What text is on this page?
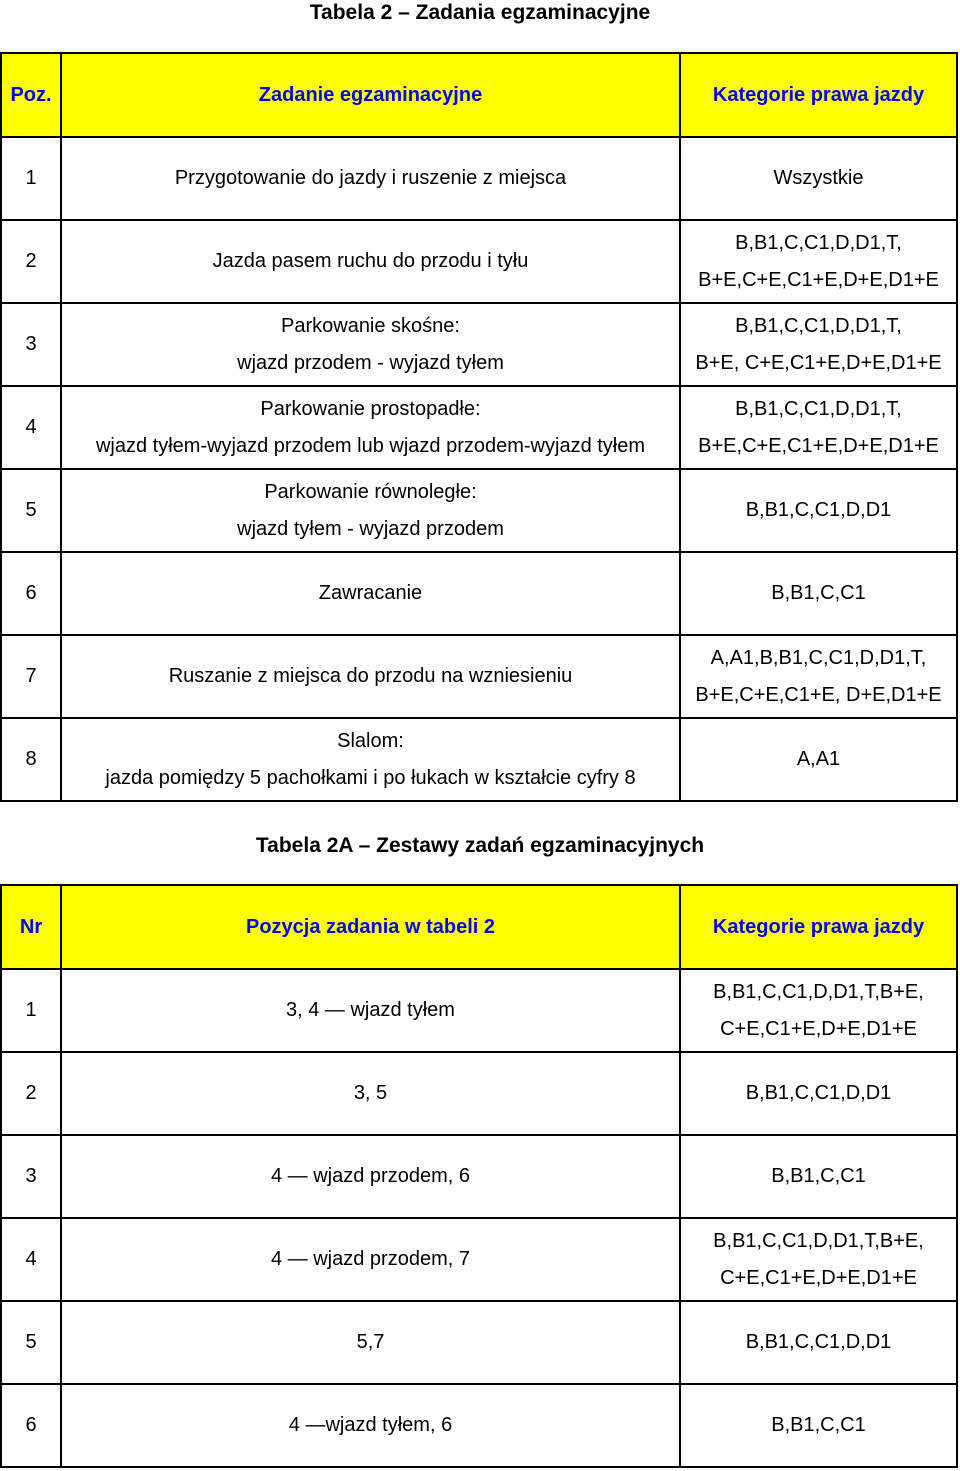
Tabela 2 – Zadania egzaminacyjne
Poz.	Zadanie egzaminacyjne	Kategorie prawa jazdy
1	Przygotowanie do jazdy i ruszenie z miejsca	Wszystkie

2	Jazda pasem ruchu do przodu i tyłu	B,B1,C,C1,D,D1,T,
B+E,C+E,C1+E,D+E,D1+E

3	Parkowanie skośne:
wjazd przodem - wyjazd tyłem	B,B1,C,C1,D,D1,T,
B+E, C+E,C1+E,D+E,D1+E

4	Parkowanie prostopadłe:
wjazd tyłem-wyjazd przodem lub wjazd przodem-wyjazd tyłem	B,B1,C,C1,D,D1,T,
B+E,C+E,C1+E,D+E,D1+E

5	Parkowanie równoległe:
wjazd tyłem - wyjazd przodem	B,B1,C,C1,D,D1

6	Zawracanie	B,B1,C,C1

7	Ruszanie z miejsca do przodu na wzniesieniu	A,A1,B,B1,C,C1,D,D1,T,
B+E,C+E,C1+E, D+E,D1+E

8	Slalom:
jazda pomiędzy 5 pachołkami i po łukach w kształcie cyfry 8	A,A1
Tabela 2A – Zestawy zadań egzaminacyjnych
Nr	Pozycja zadania w tabeli 2	Kategorie prawa jazdy
1	3, 4 — wjazd tyłem	B,B1,C,C1,D,D1,T,B+E,
C+E,C1+E,D+E,D1+E

2	3, 5	B,B1,C,C1,D,D1

3	4 — wjazd przodem, 6	B,B1,C,C1

4	4 — wjazd przodem, 7	B,B1,C,C1,D,D1,T,B+E,
C+E,C1+E,D+E,D1+E

5	5,7	B,B1,C,C1,D,D1

6	4 —wjazd tyłem, 6	B,B1,C,C1
